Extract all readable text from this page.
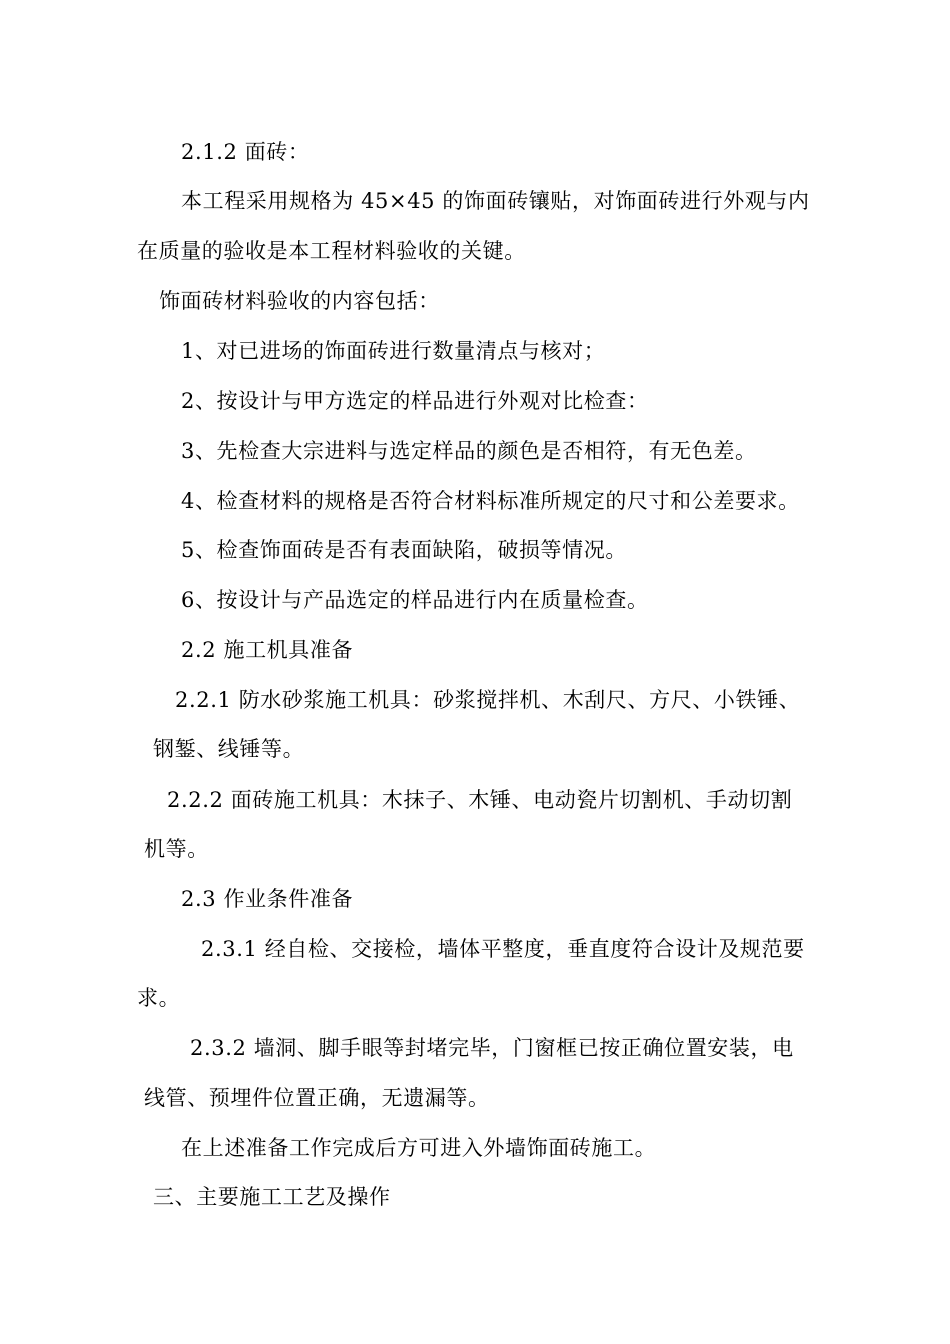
2.1.2 面砖：
本工程采用规格为 45×45 的饰面砖镶贴，对饰面砖进行外观与内
在质量的验收是本工程材料验收的关键。
饰面砖材料验收的内容包括：
1、对已进场的饰面砖进行数量清点与核对；
2、按设计与甲方选定的样品进行外观对比检查：
3、先检查大宗进料与选定样品的颜色是否相符，有无色差。
4、检查材料的规格是否符合材料标准所规定的尺寸和公差要求。
5、检查饰面砖是否有表面缺陷，破损等情况。
6、按设计与产品选定的样品进行内在质量检查。
2.2 施工机具准备
2.2.1 防水砂浆施工机具：砂浆搅拌机、木刮尺、方尺、小铁锤、
钢錾、线锤等。
2.2.2 面砖施工机具：木抹子、木锤、电动瓷片切割机、手动切割
机等。
2.3 作业条件准备
2.3.1 经自检、交接检，墙体平整度，垂直度符合设计及规范要
求。
2.3.2 墙洞、脚手眼等封堵完毕，门窗框已按正确位置安装，电
线管、预埋件位置正确，无遗漏等。
在上述准备工作完成后方可进入外墙饰面砖施工。
三、主要施工工艺及操作
